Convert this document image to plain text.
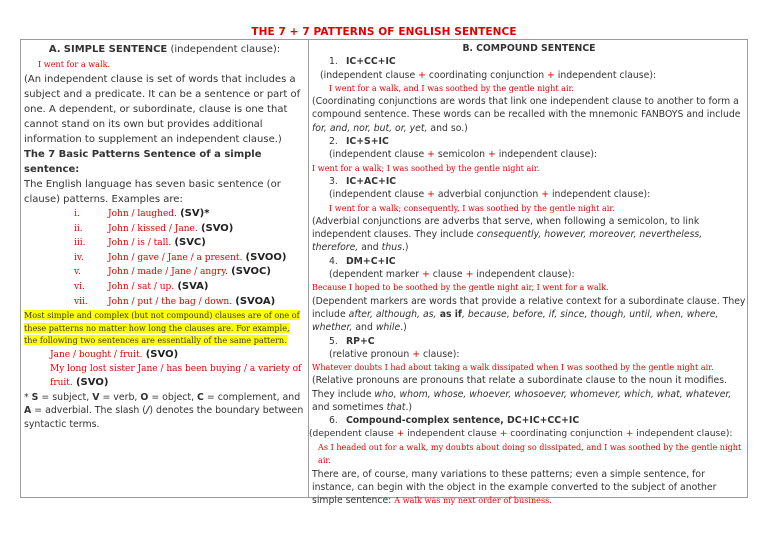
THE 7 + 7 PATTERNS OF ENGLISH SENTENCE
A. SIMPLE SENTENCE (independent clause):
I went for a walk.
(An independent clause is set of words that includes a subject and a predicate. It can be a sentence or part of one. A dependent, or subordinate, clause is one that cannot stand on its own but provides additional information to supplement an independent clause.)
The 7 Basic Patterns Sentence of a simple sentence:
The English language has seven basic sentence (or clause) patterns. Examples are:
i.	John / laughed. (SV)*
ii.	John / kissed / Jane. (SVO)
iii.	John / is / tall. (SVC)
iv.	John / gave / Jane / a present. (SVOO)
v.	John / made / Jane / angry. (SVOC)
vi.	John / sat / up. (SVA)
vii. John / put / the bag / down. (SVOA)
Most simple and complex (but not compound) clauses are of one of these patterns no matter how long the clauses are. For example, the following two sentences are essentially of the same pattern.
Jane / bought / fruit. (SVO)
My long lost sister Jane / has been buying / a variety of fruit. (SVO)
* S = subject, V = verb, O = object, C = complement, and A = adverbial. The slash (/) denotes the boundary between syntactic terms.
B. COMPOUND SENTENCE
1. IC+CC+IC
(independent clause + coordinating conjunction + independent clause):
I went for a walk, and I was soothed by the gentle night air.
(Coordinating conjunctions are words that link one independent clause to another to form a compound sentence. These words can be recalled with the mnemonic FANBOYS and include for, and, nor, but, or, yet, and so.)
2. IC+S+IC
(independent clause + semicolon + independent clause):
I went for a walk; I was soothed by the gentle night air.
3. IC+AC+IC
(independent clause + adverbial conjunction + independent clause):
I went for a walk; consequently, I was soothed by the gentle night air.
(Adverbial conjunctions are adverbs that serve, when following a semicolon, to link independent clauses. They include consequently, however, moreover, nevertheless, therefore, and thus.)
4. DM+C+IC
(dependent marker + clause + independent clause):
Because I hoped to be soothed by the gentle night air, I went for a walk.
(Dependent markers are words that provide a relative context for a subordinate clause. They include after, although, as, as if, because, before, if, since, though, until, when, where, whether, and while.)
5. RP+C
(relative pronoun + clause):
Whatever doubts I had about taking a walk dissipated when I was soothed by the gentle night air.
(Relative pronouns are pronouns that relate a subordinate clause to the noun it modifies. They include who, whom, whose, whoever, whosoever, whomever, which, what, whatever, and sometimes that.)
6. Compound-complex sentence, DC+IC+CC+IC
(dependent clause + independent clause + coordinating conjunction + independent clause):
As I headed out for a walk, my doubts about doing so dissipated, and I was soothed by the gentle night air.
There are, of course, many variations to these patterns; even a simple sentence, for instance, can begin with the object in the example converted to the subject of another simple sentence: A walk was my next order of business.
